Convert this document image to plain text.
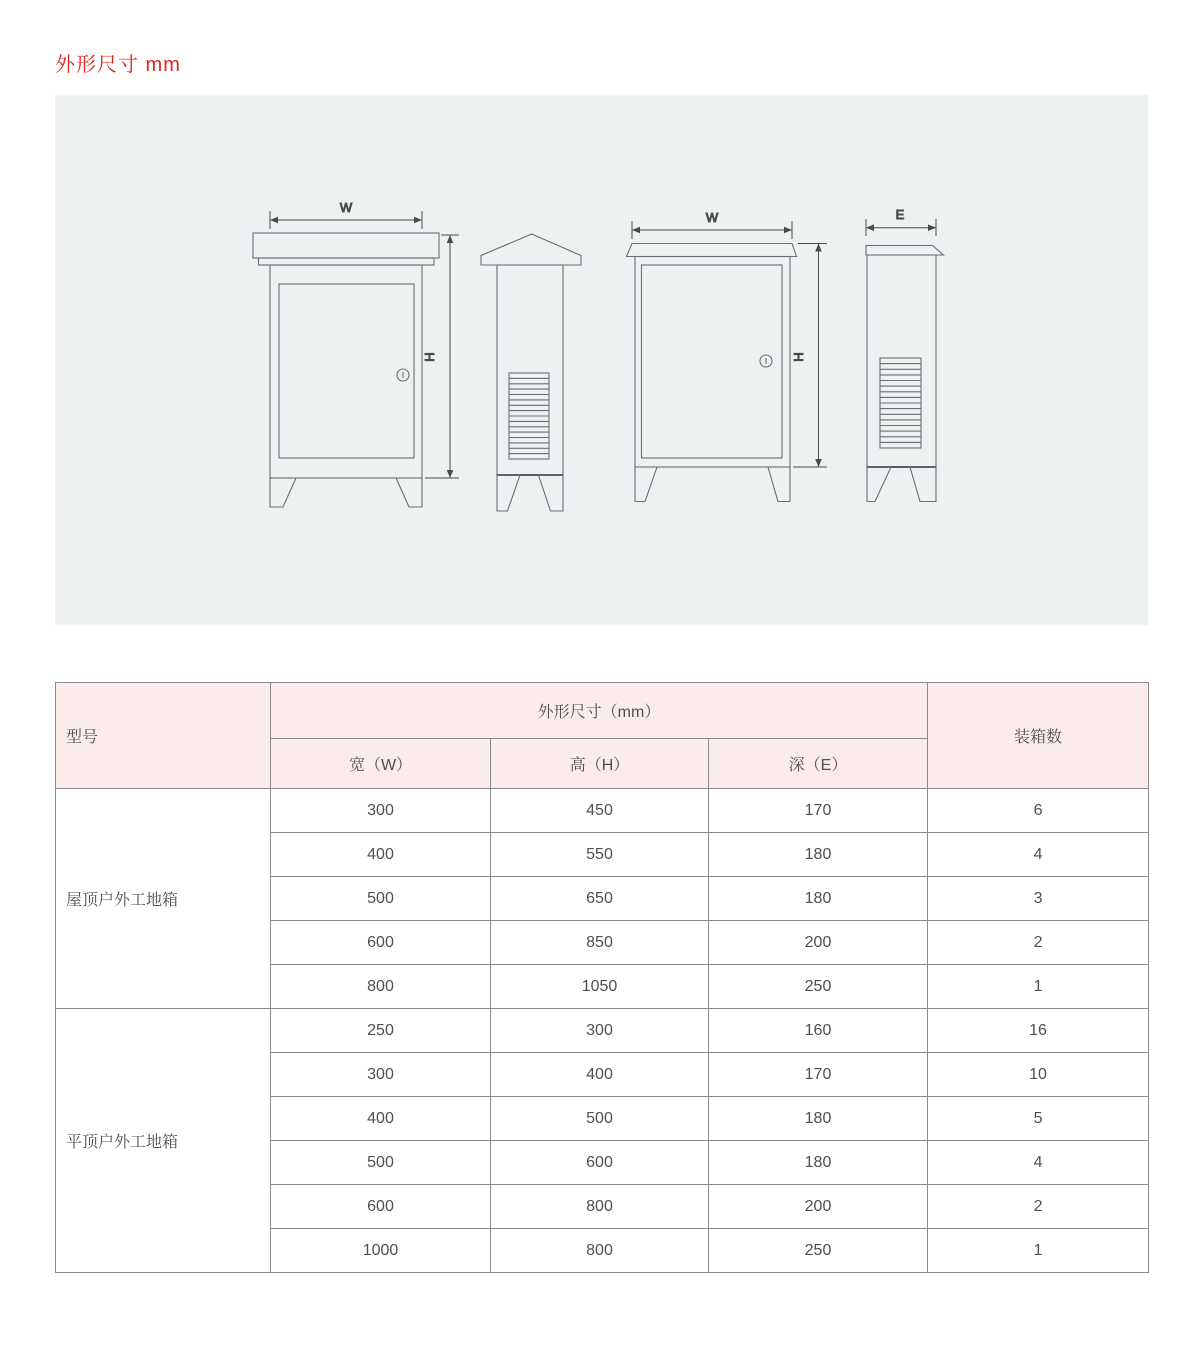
外形尺寸 mm
W
H
W
H
E
型号	外形尺寸（mm）			装箱数
	宽（W）	高（H）	深（E）	
屋顶户外工地箱	300	450	170	6
	400	550	180	4
	500	650	180	3
	600	850	200	2
	800	1050	250	1
平顶户外工地箱	250	300	160	16
	300	400	170	10
	400	500	180	5
	500	600	180	4
	600	800	200	2
	1000	800	250	1
